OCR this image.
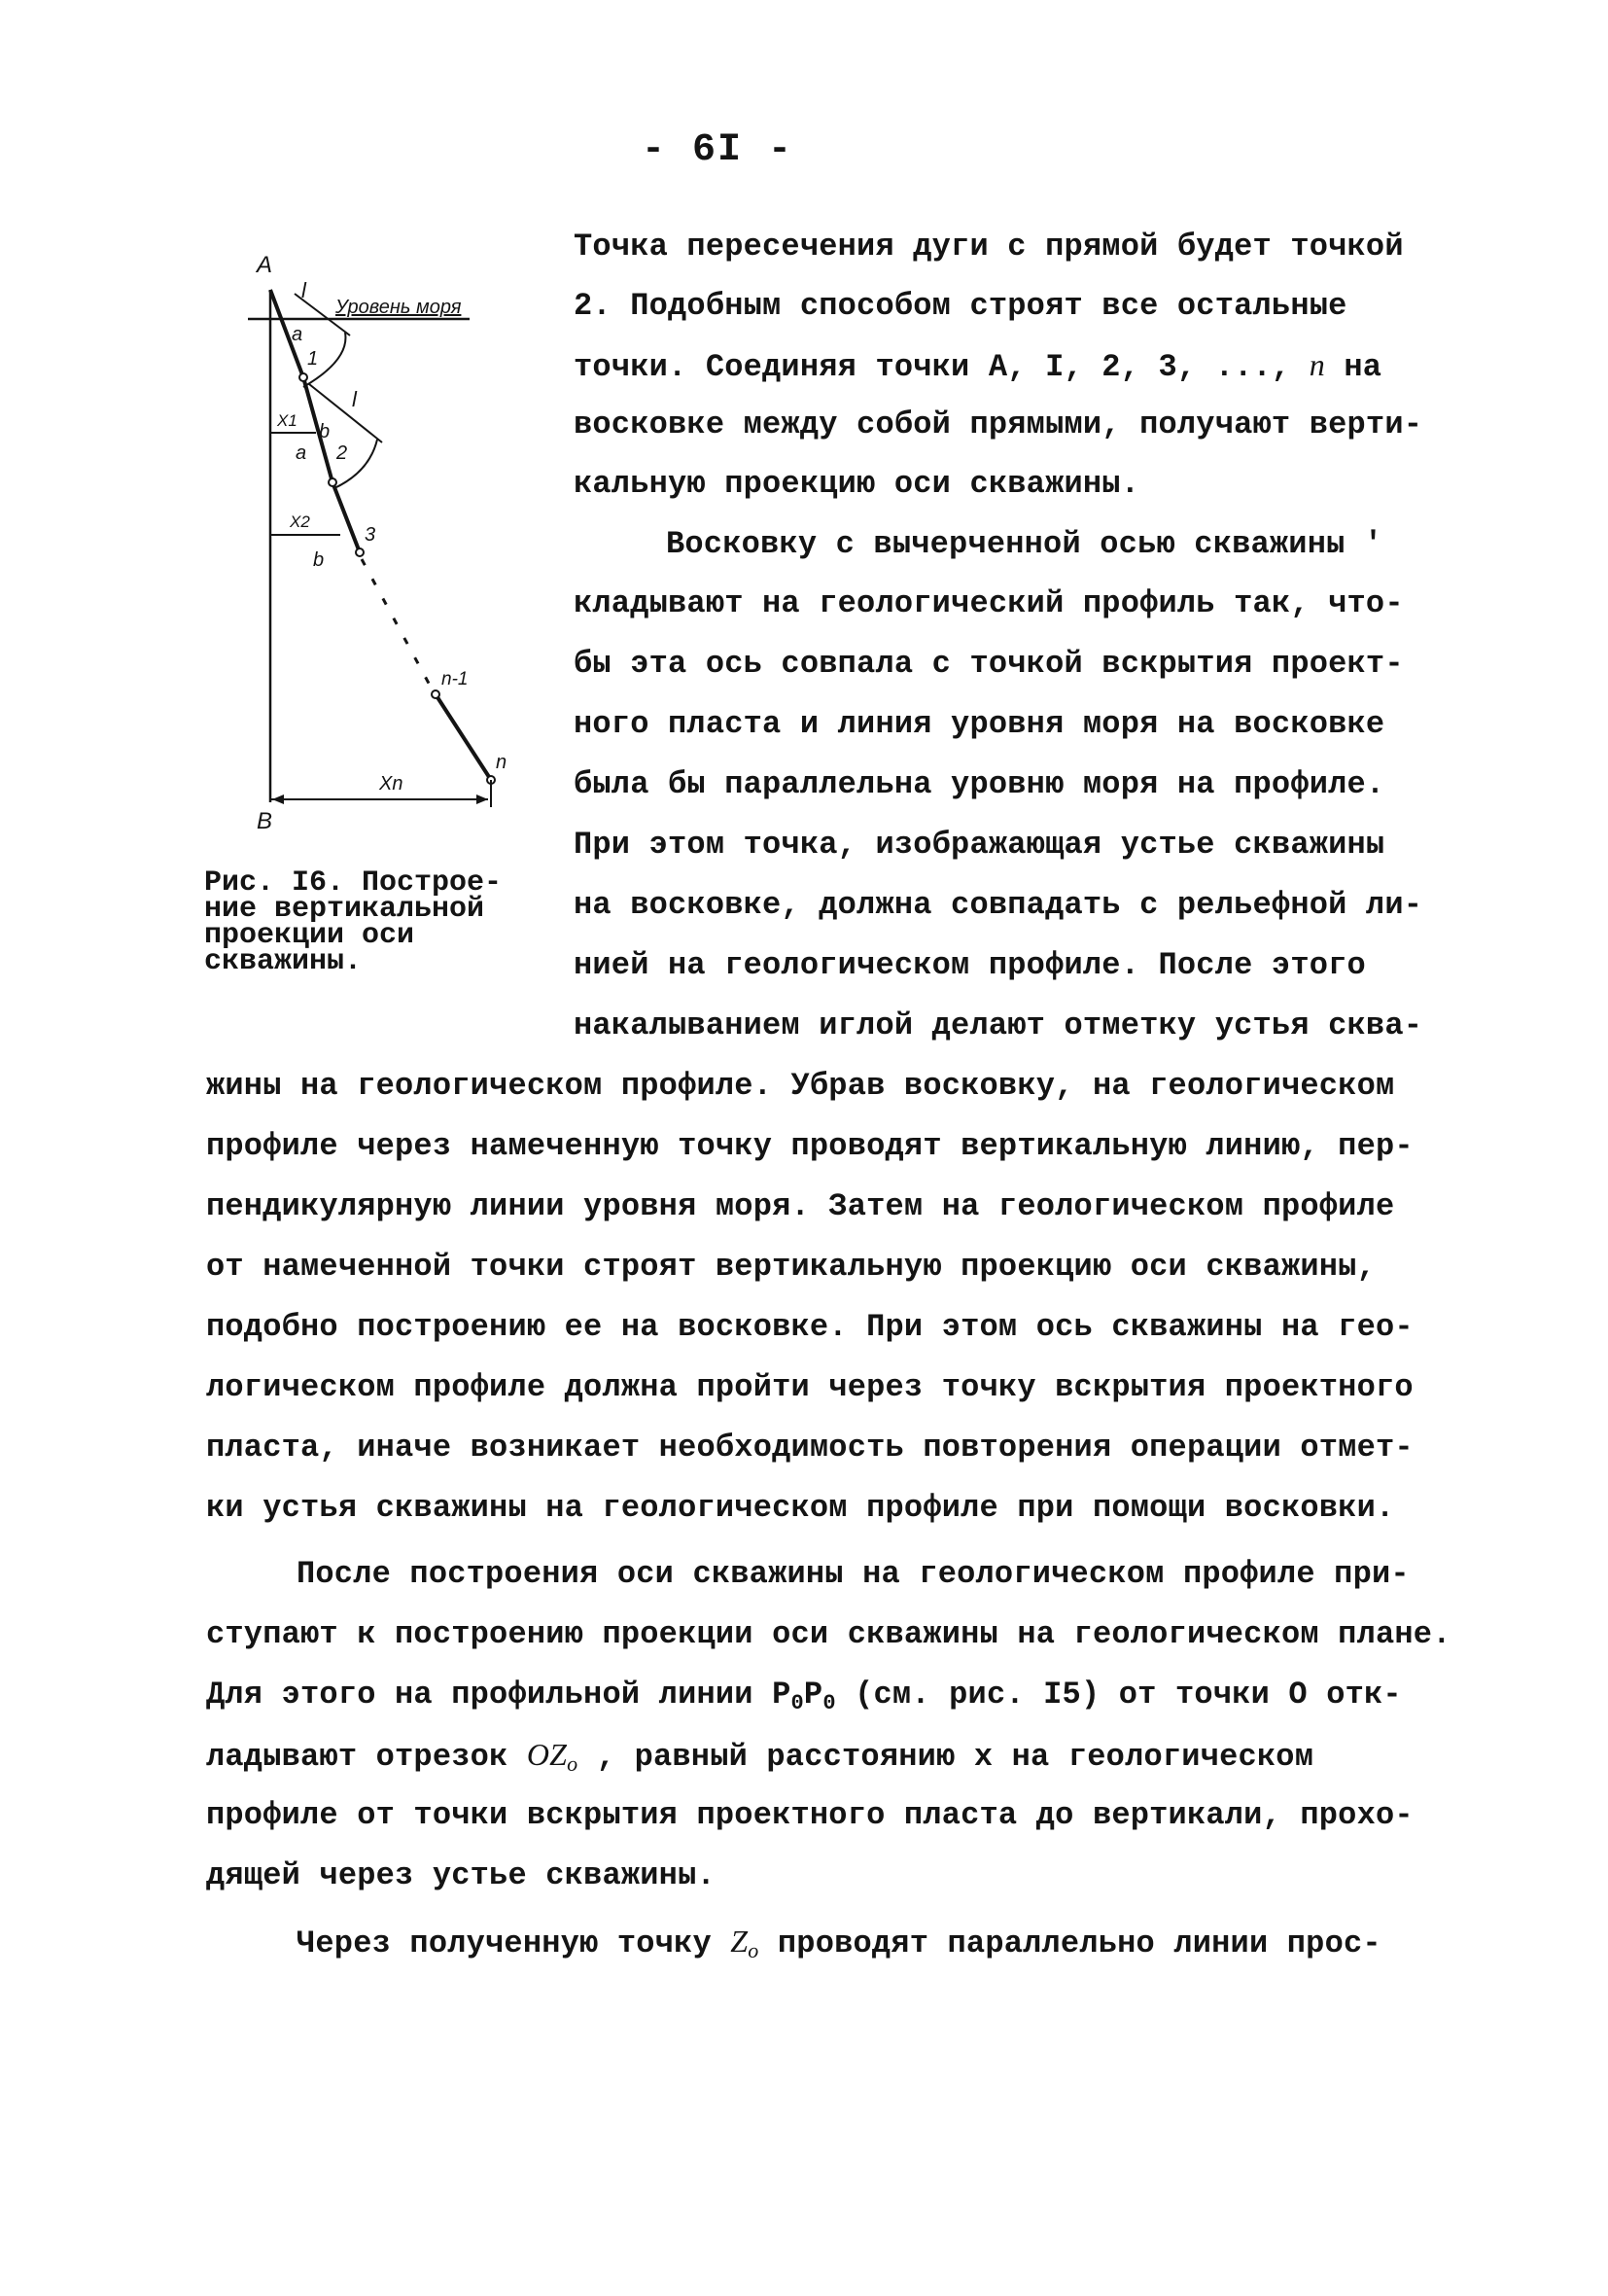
- 6I -
A
B
Уровень моря
l
l
a
1
X1
b
a 2
X2
b
3
n-1
n
Xn
Рис. I6. Построе-
ние вертикальной
проекции оси
скважины.
Точка пересечения дуги с прямой будет точкой
2. Подобным способом строят все остальные
точки. Соединяя точки А, I, 2, 3, ..., n на
восковке между собой прямыми, получают верти-
кальную проекцию оси скважины.
Восковку с вычерченной осью скважины '
кладывают на геологический профиль так, что-
бы эта ось совпала с точкой вскрытия проект-
ного пласта и линия уровня моря на восковке
была бы параллельна уровню моря на профиле.
При этом точка, изображающая устье скважины
на восковке, должна совпадать с рельефной ли-
нией на геологическом профиле. После этого
накалыванием иглой делают отметку устья сква-
жины на геологическом профиле. Убрав восковку, на геологическом
профиле через намеченную точку проводят вертикальную линию, пер-
пендикулярную линии уровня моря. Затем на геологическом профиле
от намеченной точки строят вертикальную проекцию оси скважины,
подобно построению ее на восковке. При этом ось скважины на гео-
логическом профиле должна пройти через точку вскрытия проектного
пласта, иначе возникает необходимость повторения операции отмет-
ки устья скважины на геологическом профиле при помощи восковки.
После построения оси скважины на геологическом профиле при-
ступают к построению проекции оси скважины на геологическом плане.
Для этого на профильной линии $P_0P_0$ (см. рис. I5) от точки O отк-
ладывают отрезок $OZ_o$ , равный расстоянию x на геологическом
профиле от точки вскрытия проектного пласта до вертикали, прохо-
дящей через устье скважины.
Через полученную точку $Z_o$ проводят параллельно линии прос-
